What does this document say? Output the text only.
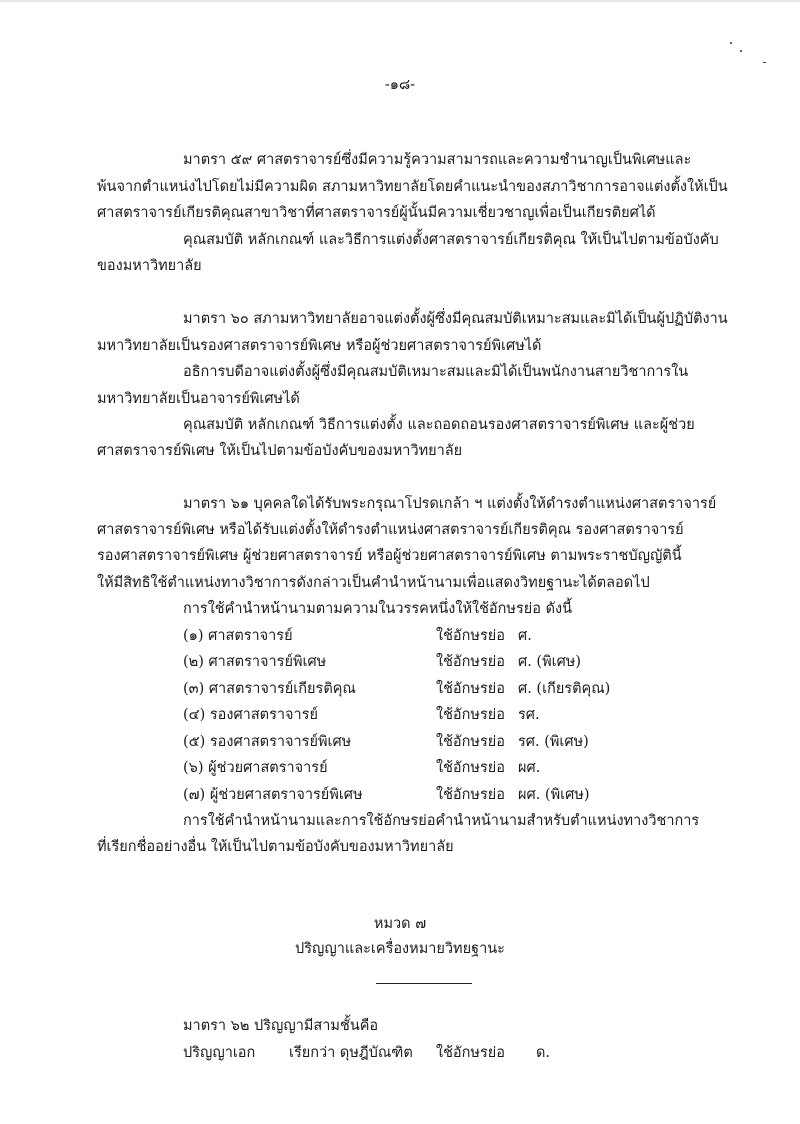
-๑๘-
มาตรา ๕๙ ศาสตราจารย์ซึ่งมีความรู้ความสามารถและความชำนาญเป็นพิเศษและ
พ้นจากตำแหน่งไปโดยไม่มีความผิด สภามหาวิทยาลัยโดยคำแนะนำของสภาวิชาการอาจแต่งตั้งให้เป็น
ศาสตราจารย์เกียรติคุณสาขาวิชาที่ศาสตราจารย์ผู้นั้นมีความเชี่ยวชาญเพื่อเป็นเกียรติยศได้
คุณสมบัติ หลักเกณฑ์ และวิธีการแต่งตั้งศาสตราจารย์เกียรติคุณ ให้เป็นไปตามข้อบังคับ
ของมหาวิทยาลัย
มาตรา ๖๐ สภามหาวิทยาลัยอาจแต่งตั้งผู้ซึ่งมีคุณสมบัติเหมาะสมและมิได้เป็นผู้ปฏิบัติงาน
มหาวิทยาลัยเป็นรองศาสตราจารย์พิเศษ หรือผู้ช่วยศาสตราจารย์พิเศษได้
อธิการบดีอาจแต่งตั้งผู้ซึ่งมีคุณสมบัติเหมาะสมและมิได้เป็นพนักงานสายวิชาการใน
มหาวิทยาลัยเป็นอาจารย์พิเศษได้
คุณสมบัติ หลักเกณฑ์ วิธีการแต่งตั้ง และถอดถอนรองศาสตราจารย์พิเศษ และผู้ช่วย
ศาสตราจารย์พิเศษ ให้เป็นไปตามข้อบังคับของมหาวิทยาลัย
มาตรา ๖๑ บุคคลใดได้รับพระกรุณาโปรดเกล้า ฯ แต่งตั้งให้ดำรงตำแหน่งศาสตราจารย์
ศาสตราจารย์พิเศษ หรือได้รับแต่งตั้งให้ดำรงตำแหน่งศาสตราจารย์เกียรติคุณ รองศาสตราจารย์
รองศาสตราจารย์พิเศษ ผู้ช่วยศาสตราจารย์ หรือผู้ช่วยศาสตราจารย์พิเศษ ตามพระราชบัญญัตินี้
ให้มีสิทธิใช้ตำแหน่งทางวิชาการดังกล่าวเป็นคำนำหน้านามเพื่อแสดงวิทยฐานะได้ตลอดไป
การใช้คำนำหน้านามตามความในวรรคหนึ่งให้ใช้อักษรย่อ ดังนี้
(๑) ศาสตราจารย์	ใช้อักษรย่อ ศ.
(๒) ศาสตราจารย์พิเศษ	ใช้อักษรย่อ ศ. (พิเศษ)
(๓) ศาสตราจารย์เกียรติคุณ	ใช้อักษรย่อ ศ. (เกียรติคุณ)
(๔) รองศาสตราจารย์	ใช้อักษรย่อ รศ.
(๕) รองศาสตราจารย์พิเศษ	ใช้อักษรย่อ รศ. (พิเศษ)
(๖) ผู้ช่วยศาสตราจารย์	ใช้อักษรย่อ ผศ.
(๗) ผู้ช่วยศาสตราจารย์พิเศษ	ใช้อักษรย่อ ผศ. (พิเศษ)
การใช้คำนำหน้านามและการใช้อักษรย่อคำนำหน้านามสำหรับตำแหน่งทางวิชาการ
ที่เรียกชื่ออย่างอื่น ให้เป็นไปตามข้อบังคับของมหาวิทยาลัย
หมวด ๗
ปริญญาและเครื่องหมายวิทยฐานะ
มาตรา ๖๒ ปริญญามีสามชั้นคือ
ปริญญาเอก เรียกว่า ดุษฎีบัณฑิต ใช้อักษรย่อ ด.
